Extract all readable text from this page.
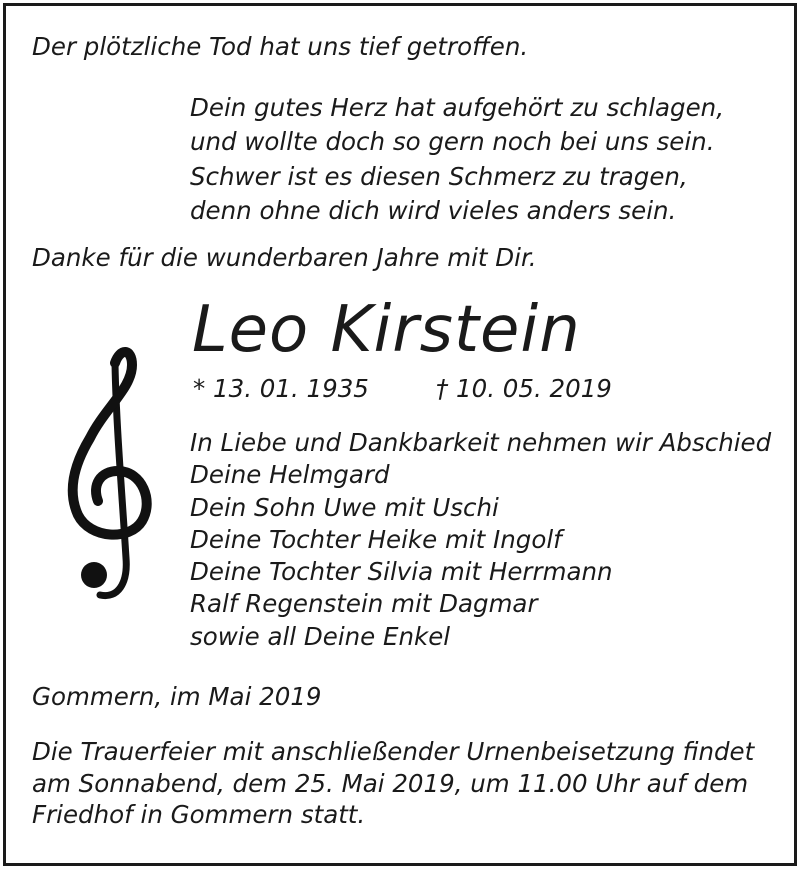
Der plötzliche Tod hat uns tief getroffen.
Dein gutes Herz hat aufgehört zu schlagen,
und wollte doch so gern noch bei uns sein.
Schwer ist es diesen Schmerz zu tragen,
denn ohne dich wird vieles anders sein.
Danke für die wunderbaren Jahre mit Dir.
Leo Kirstein
* 13. 01. 1935	† 10. 05. 2019
In Liebe und Dankbarkeit nehmen wir Abschied
Deine Helmgard
Dein Sohn Uwe mit Uschi
Deine Tochter Heike mit Ingolf
Deine Tochter Silvia mit Herrmann
Ralf Regenstein mit Dagmar
sowie all Deine Enkel
Gommern, im Mai 2019
Die Trauerfeier mit anschließender Urnenbeisetzung findet
am Sonnabend, dem 25. Mai 2019, um 11.00 Uhr auf dem
Friedhof in Gommern statt.
